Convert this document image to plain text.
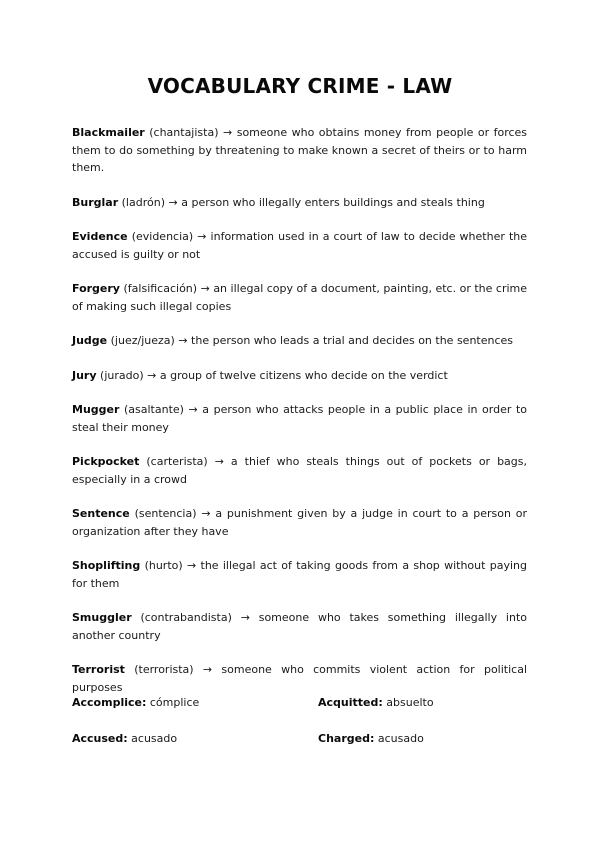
VOCABULARY CRIME - LAW

Blackmailer (chantajista) → someone who obtains money from people or forces them to do something by threatening to make known a secret of theirs or to harm them.

Burglar (ladrón) → a person who illegally enters buildings and steals thing

Evidence (evidencia) → information used in a court of law to decide whether the accused is guilty or not

Forgery (falsificación) → an illegal copy of a document, painting, etc. or the crime of making such illegal copies

Judge (juez/jueza) → the person who leads a trial and decides on the sentences

Jury (jurado) → a group of twelve citizens who decide on the verdict

Mugger (asaltante) → a person who attacks people in a public place in order to steal their money

Pickpocket (carterista) → a thief who steals things out of pockets or bags, especially in a crowd

Sentence (sentencia) → a punishment given by a judge in court to a person or organization after they have

Shoplifting (hurto) → the illegal act of taking goods from a shop without paying for them

Smuggler (contrabandista) → someone who takes something illegally into another country

Terrorist (terrorista) → someone who commits violent action for political purposes

Accomplice: cómplice	Acquitted: absuelto
Accused: acusado	Charged: acusado
